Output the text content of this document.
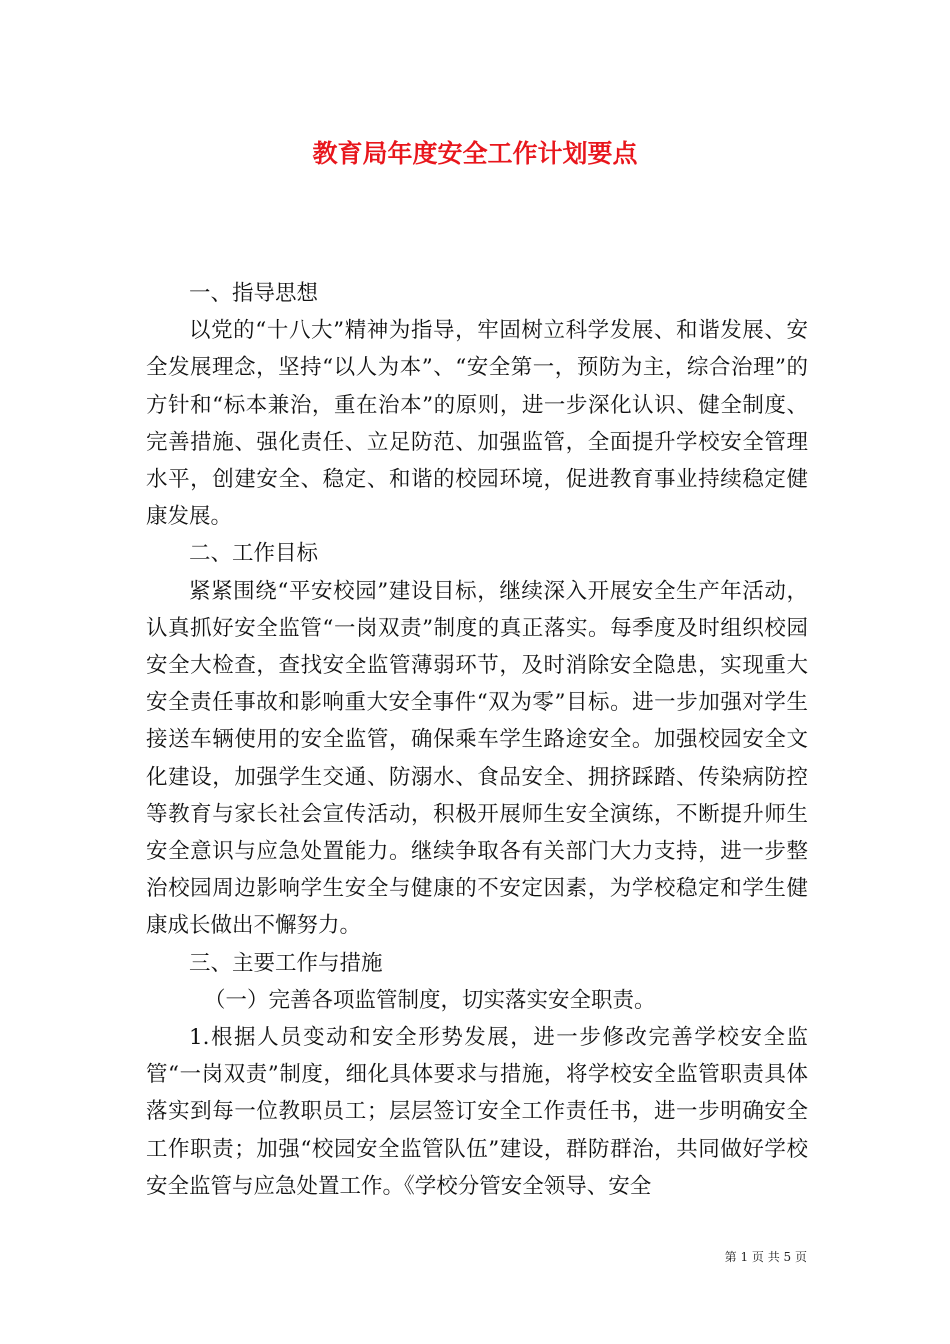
教育局年度安全工作计划要点

一、指导思想

以党的“十八大”精神为指导，牢固树立科学发展、和谐发展、安全发展理念，坚持“以人为本”、“安全第一，预防为主，综合治理”的方针和“标本兼治，重在治本”的原则，进一步深化认识、健全制度、完善措施、强化责任、立足防范、加强监管，全面提升学校安全管理水平，创建安全、稳定、和谐的校园环境，促进教育事业持续稳定健康发展。

二、工作目标

紧紧围绕“平安校园”建设目标，继续深入开展安全生产年活动，认真抓好安全监管“一岗双责”制度的真正落实。每季度及时组织校园安全大检查，查找安全监管薄弱环节，及时消除安全隐患，实现重大安全责任事故和影响重大安全事件“双为零”目标。进一步加强对学生接送车辆使用的安全监管，确保乘车学生路途安全。加强校园安全文化建设，加强学生交通、防溺水、食品安全、拥挤踩踏、传染病防控等教育与家长社会宣传活动，积极开展师生安全演练，不断提升师生安全意识与应急处置能力。继续争取各有关部门大力支持，进一步整治校园周边影响学生安全与健康的不安定因素，为学校稳定和学生健康成长做出不懈努力。

三、主要工作与措施

（一）完善各项监管制度，切实落实安全职责。

1.根据人员变动和安全形势发展，进一步修改完善学校安全监管“一岗双责”制度，细化具体要求与措施，将学校安全监管职责具体落实到每一位教职员工；层层签订安全工作责任书，进一步明确安全工作职责；加强“校园安全监管队伍”建设，群防群治，共同做好学校安全监管与应急处置工作。《学校分管安全领导、安全

第 1 页 共 5 页
